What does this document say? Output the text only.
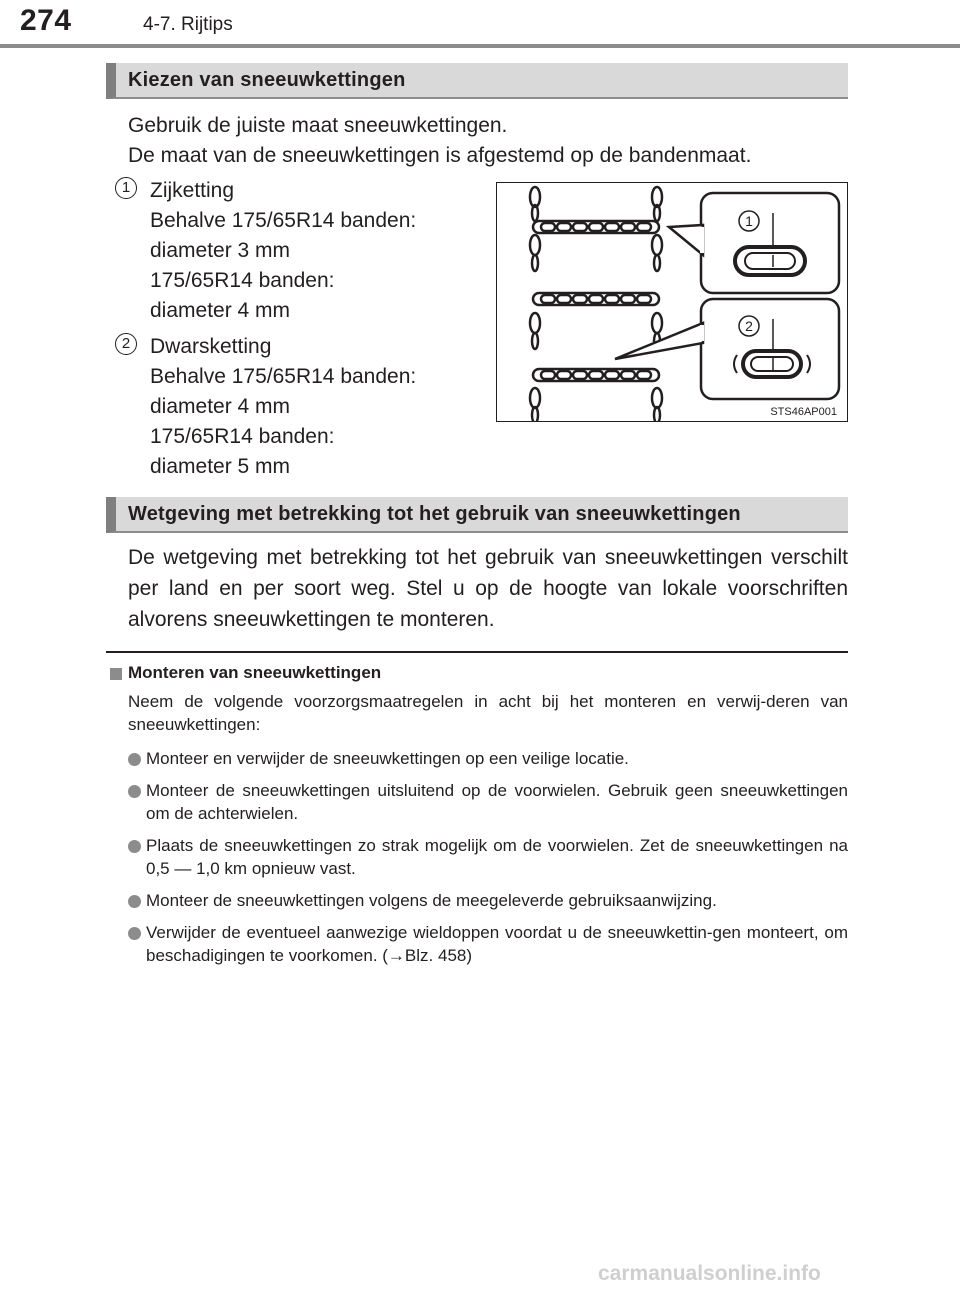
274	4-7. Rijtips
Kiezen van sneeuwkettingen
Gebruik de juiste maat sneeuwkettingen.
De maat van de sneeuwkettingen is afgestemd op de bandenmaat.
1 Zijketting
Behalve 175/65R14 banden:
diameter 3 mm
175/65R14 banden:
diameter 4 mm
2 Dwarsketting
Behalve 175/65R14 banden:
diameter 4 mm
175/65R14 banden:
diameter 5 mm
1
2
STS46AP001
Wetgeving met betrekking tot het gebruik van sneeuwkettingen
De wetgeving met betrekking tot het gebruik van sneeuwkettingen verschilt per land en per soort weg. Stel u op de hoogte van lokale voorschriften alvorens sneeuwkettingen te monteren.
Monteren van sneeuwkettingen
Neem de volgende voorzorgsmaatregelen in acht bij het monteren en verwij-deren van sneeuwkettingen:
Monteer en verwijder de sneeuwkettingen op een veilige locatie.
Monteer de sneeuwkettingen uitsluitend op de voorwielen. Gebruik geen sneeuwkettingen om de achterwielen.
Plaats de sneeuwkettingen zo strak mogelijk om de voorwielen. Zet de sneeuwkettingen na 0,5 — 1,0 km opnieuw vast.
Monteer de sneeuwkettingen volgens de meegeleverde gebruiksaanwijzing.
Verwijder de eventueel aanwezige wieldoppen voordat u de sneeuwkettin-gen monteert, om beschadigingen te voorkomen. (→Blz. 458)
carmanualsonline.info
